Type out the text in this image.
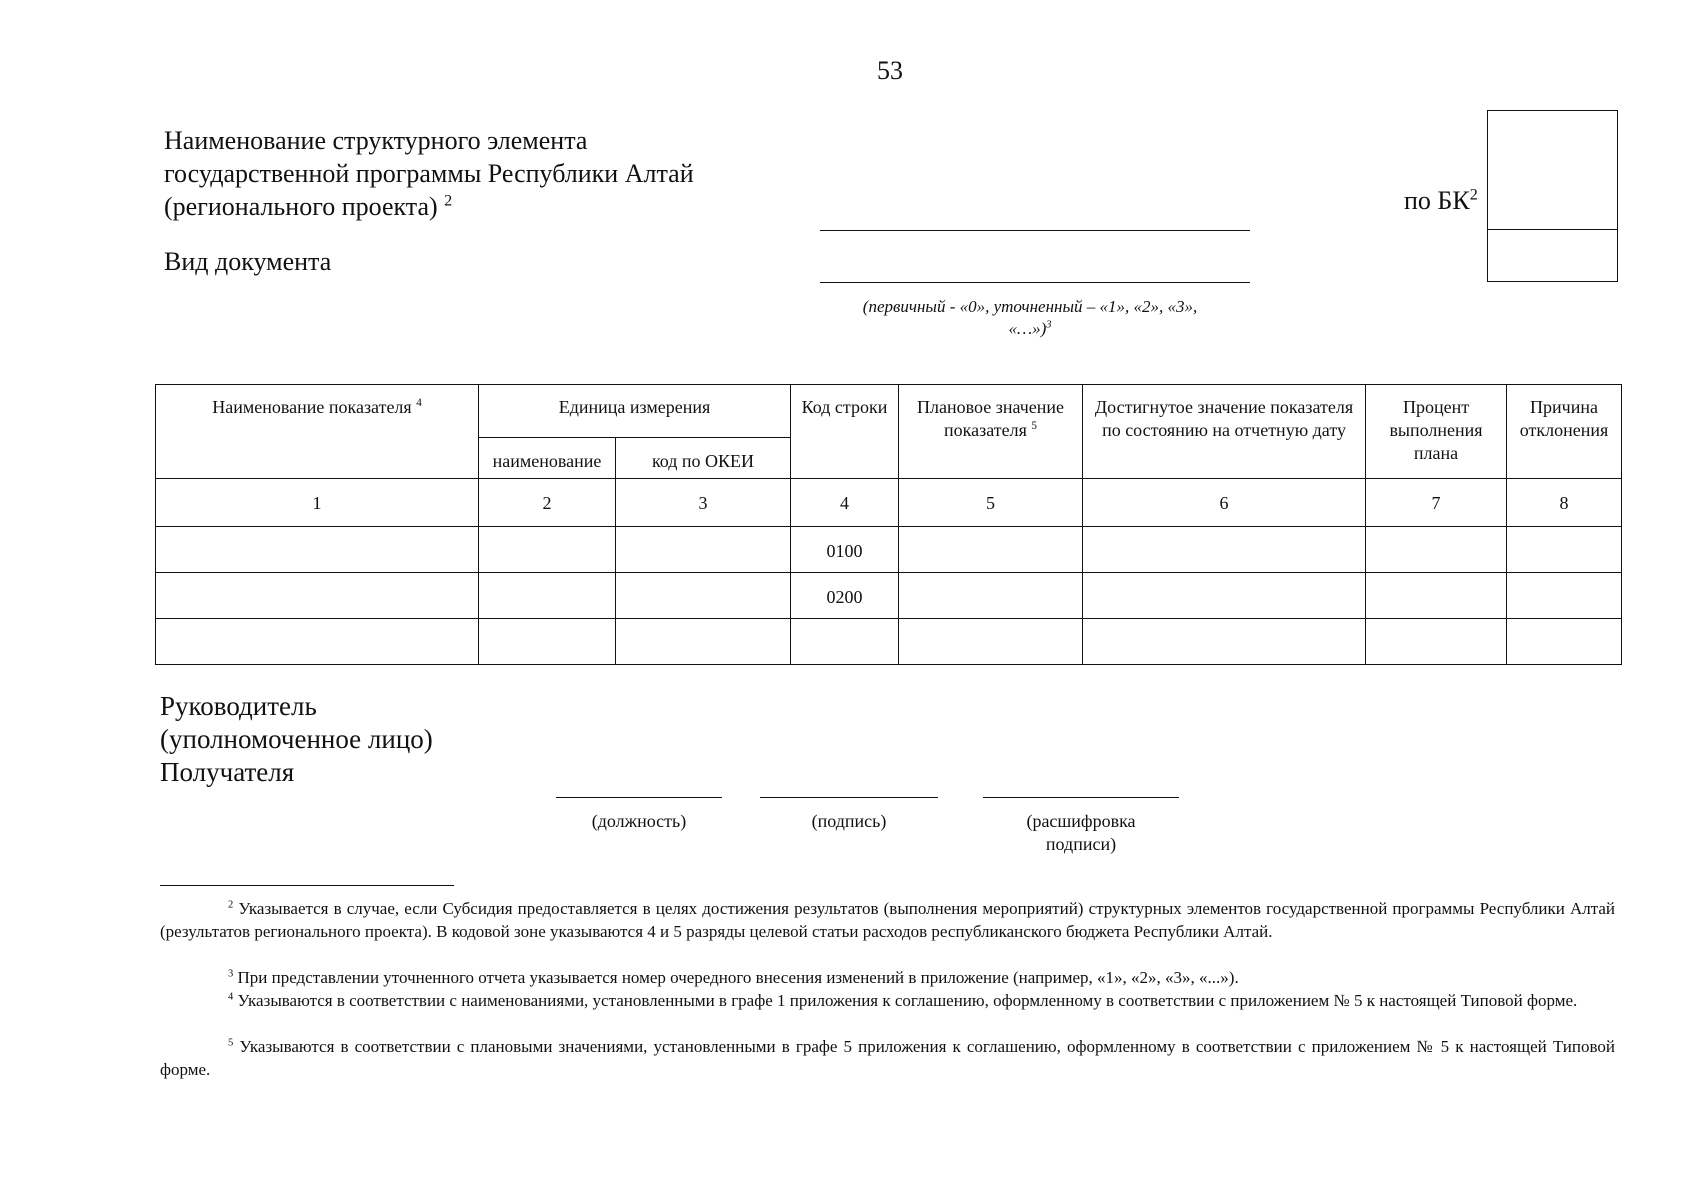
53
Наименование структурного элемента
государственной программы Республики Алтай
(регионального проекта) $^2$
Вид документа
(первичный - «0», уточненный – «1», «2», «3»,
«…»)$^3$
по $БК^2$
Наименование показателя $^4$	Единица измерения		Код строки	Плановое значение показателя $^5$	Достигнутое значение показателя по состоянию на отчетную дату	Процент выполнения плана	Причина отклонения
	наименование	код по ОКЕИ					
1	2	3	4	5	6	7	8
			0100				
			0200				

Руководитель
(уполномоченное лицо)
Получателя
(должность)	(подпись)	(расшифровка
подписи)
$^2$ Указывается в случае, если Субсидия предоставляется в целях достижения результатов (выполнения мероприятий) структурных элементов государственной программы Республики Алтай (результатов регионального проекта). В кодовой зоне указываются 4 и 5 разряды целевой статьи расходов республиканского бюджета Республики Алтай.
$^3$ При представлении уточненного отчета указывается номер очередного внесения изменений в приложение (например, «1», «2», «3», «...»).
$^4$ Указываются в соответствии с наименованиями, установленными в графе 1 приложения к соглашению, оформленному в соответствии с приложением № 5 к настоящей Типовой форме.
$^5$ Указываются в соответствии с плановыми значениями, установленными в графе 5 приложения к соглашению, оформленному в соответствии с приложением № 5 к настоящей Типовой форме.
